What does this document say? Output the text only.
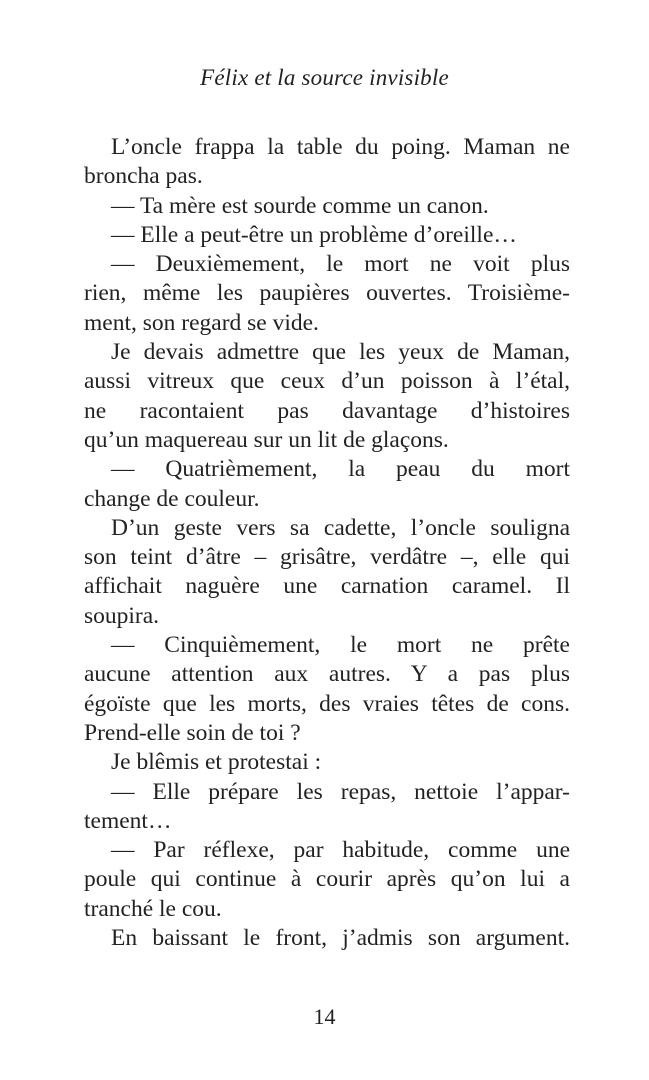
Félix et la source invisible
L’oncle frappa la table du poing. Maman ne
broncha pas.
— Ta mère est sourde comme un canon.
— Elle a peut-être un problème d’oreille…
— Deuxièmement, le mort ne voit plus
rien, même les paupières ouvertes. Troisième-
ment, son regard se vide.
Je devais admettre que les yeux de Maman,
aussi vitreux que ceux d’un poisson à l’étal,
ne racontaient pas davantage d’histoires
qu’un maquereau sur un lit de glaçons.
— Quatrièmement, la peau du mort
change de couleur.
D’un geste vers sa cadette, l’oncle souligna
son teint d’âtre – grisâtre, verdâtre –, elle qui
affichait naguère une carnation caramel. Il
soupira.
— Cinquièmement, le mort ne prête
aucune attention aux autres. Y a pas plus
égoïste que les morts, des vraies têtes de cons.
Prend-elle soin de toi ?
Je blêmis et protestai :
— Elle prépare les repas, nettoie l’appar-
tement…
— Par réflexe, par habitude, comme une
poule qui continue à courir après qu’on lui a
tranché le cou.
En baissant le front, j’admis son argument.
14
